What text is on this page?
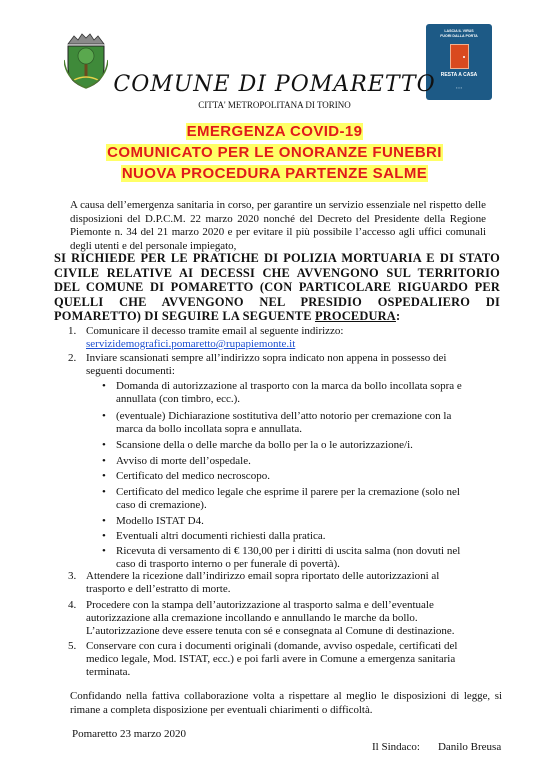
LASCIA IL VIRUS
FUORI DALLA PORTA
RESTA A CASA
▪ ▪ ▪
COMUNE DI POMARETTO
CITTA' METROPOLITANA DI TORINO
EMERGENZA COVID-19
COMUNICATO PER LE ONORANZE FUNEBRI
NUOVA PROCEDURA PARTENZE SALME
A causa dell’emergenza sanitaria in corso, per garantire un servizio essenziale nel rispetto delle disposizioni del D.P.C.M. 22 marzo 2020 nonché del Decreto del Presidente della Regione Piemonte n. 34 del 21 marzo 2020 e per evitare il più possibile l’accesso agli uffici comunali degli utenti e del personale impiegato,
SI RICHIEDE PER LE PRATICHE DI POLIZIA MORTUARIA E DI STATO CIVILE RELATIVE AI DECESSI CHE AVVENGONO SUL TERRITORIO DEL COMUNE DI POMARETTO (CON PARTICOLARE RIGUARDO PER QUELLI CHE AVVENGONO NEL PRESIDIO OSPEDALIERO DI POMARETTO) DI SEGUIRE LA SEGUENTE PROCEDURA:
1. Comunicare il decesso tramite email al seguente indirizzo:
servizidemografici.pomaretto@rupapiemonte.it
2. Inviare scansionati sempre all’indirizzo sopra indicato non appena in possesso dei
seguenti documenti:
• Domanda di autorizzazione al trasporto con la marca da bollo incollata sopra e
annullata (con timbro, ecc.).
• (eventuale) Dichiarazione sostitutiva dell’atto notorio per cremazione con la
marca da bollo incollata sopra e annullata.
• Scansione della o delle marche da bollo per la o le autorizzazione/i.
• Avviso di morte dell’ospedale.
• Certificato del medico necroscopo.
• Certificato del medico legale che esprime il parere per la cremazione (solo nel
caso di cremazione).
• Modello ISTAT D4.
• Eventuali altri documenti richiesti dalla pratica.
• Ricevuta di versamento di € 130,00 per i diritti di uscita salma (non dovuti nel
caso di trasporto interno o per funerale di povertà).
3. Attendere la ricezione dall’indirizzo email sopra riportato delle autorizzazioni al
trasporto e dell’estratto di morte.
4. Procedere con la stampa dell’autorizzazione al trasporto salma e dell’eventuale
autorizzazione alla cremazione incollando e annullando le marche da bollo.
L’autorizzazione deve essere tenuta con sé e consegnata al Comune di destinazione.
5. Conservare con cura i documenti originali (domande, avviso ospedale, certificati del
medico legale, Mod. ISTAT, ecc.) e poi farli avere in Comune a emergenza sanitaria
terminata.
Confidando nella fattiva collaborazione volta a rispettare al meglio le disposizioni di legge, si rimane a completa disposizione per eventuali chiarimenti o difficoltà.
Pomaretto 23 marzo 2020
Il Sindaco: Danilo Breusa
